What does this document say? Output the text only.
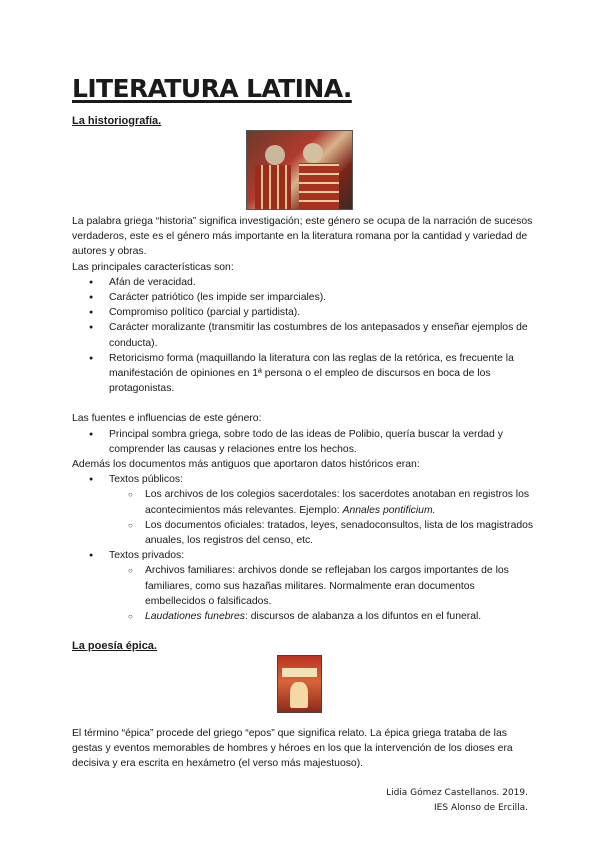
LITERATURA LATINA.
La historiografía.
La palabra griega “historia” significa investigación; este género se ocupa de la narración de sucesos verdaderos, este es el género más importante en la literatura romana por la cantidad y variedad de autores y obras.
Las principales características son:
● Afán de veracidad.
● Carácter patriótico (les impide ser imparciales).
● Compromiso político (parcial y partidista).
● Carácter moralizante (transmitir las costumbres de los antepasados y enseñar ejemplos de conducta).
● Retoricismo forma (maquillando la literatura con las reglas de la retórica, es frecuente la manifestación de opiniones en 1ª persona o el empleo de discursos en boca de los protagonistas.
Las fuentes e influencias de este género:
● Principal sombra griega, sobre todo de las ideas de Polibio, quería buscar la verdad y comprender las causas y relaciones entre los hechos.
Además los documentos más antiguos que aportaron datos históricos eran:
● Textos públicos:
○ Los archivos de los colegios sacerdotales: los sacerdotes anotaban en registros los acontecimientos más relevantes. Ejemplo: Annales pontificium.
○ Los documentos oficiales: tratados, leyes, senadoconsultos, lista de los magistrados anuales, los registros del censo, etc.
● Textos privados:
○ Archivos familiares: archivos donde se reflejaban los cargos importantes de los familiares, como sus hazañas militares. Normalmente eran documentos embellecidos o falsificados.
○ Laudationes funebres: discursos de alabanza a los difuntos en el funeral.
La poesía épica.
El término “épica” procede del griego “epos” que significa relato. La épica griega trataba de las gestas y eventos memorables de hombres y héroes en los que la intervención de los dioses era decisiva y era escrita en hexámetro (el verso más majestuoso).
Lidia Gómez Castellanos. 2019.
IES Alonso de Ercilla.
